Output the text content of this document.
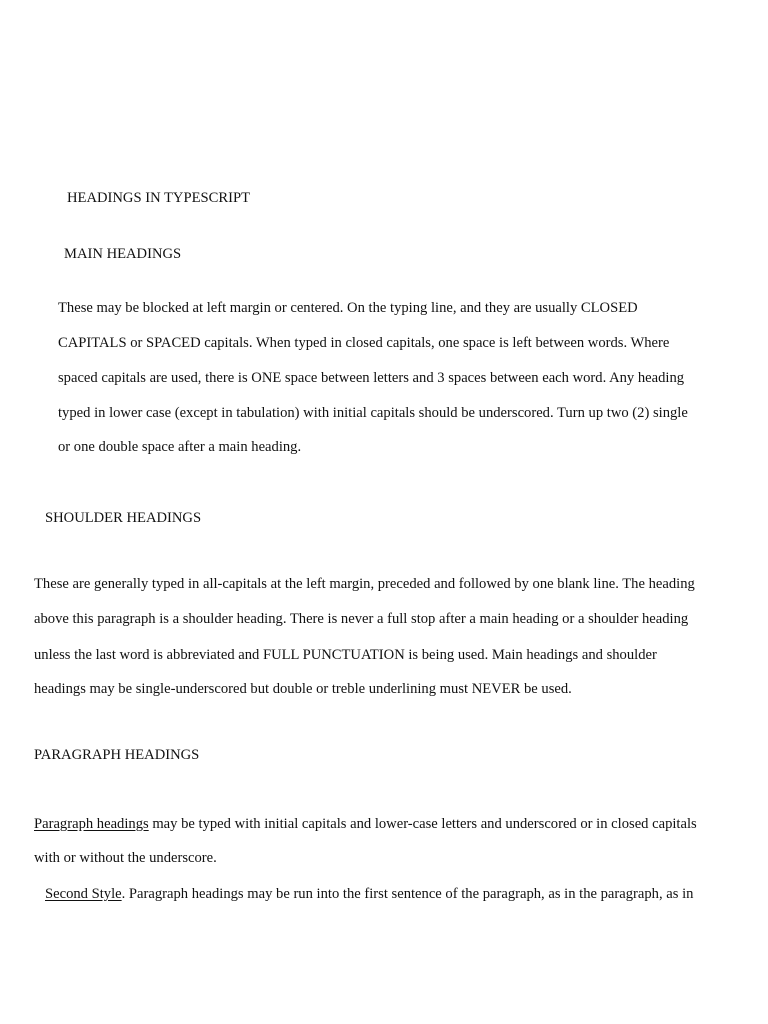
HEADINGS IN TYPESCRIPT
MAIN HEADINGS
These may be blocked at left margin or centered. On the typing line, and they are usually CLOSED
CAPITALS or SPACED capitals. When typed in closed capitals, one space is left between words. Where
spaced capitals are used, there is ONE space between letters and 3 spaces between each word. Any heading
typed in lower case (except in tabulation) with initial capitals should be underscored. Turn up two (2) single
or one double space after a main heading.
SHOULDER HEADINGS
These are generally typed in all-capitals at the left margin, preceded and followed by one blank line. The heading
above this paragraph is a shoulder heading. There is never a full stop after a main heading or a shoulder heading
unless the last word is abbreviated and FULL PUNCTUATION is being used. Main headings and shoulder
headings may be single-underscored but double or treble underlining must NEVER be used.
PARAGRAPH HEADINGS
Paragraph headings may be typed with initial capitals and lower-case letters and underscored or in closed capitals
with or without the underscore.
Second Style. Paragraph headings may be run into the first sentence of the paragraph, as in the paragraph, as in
